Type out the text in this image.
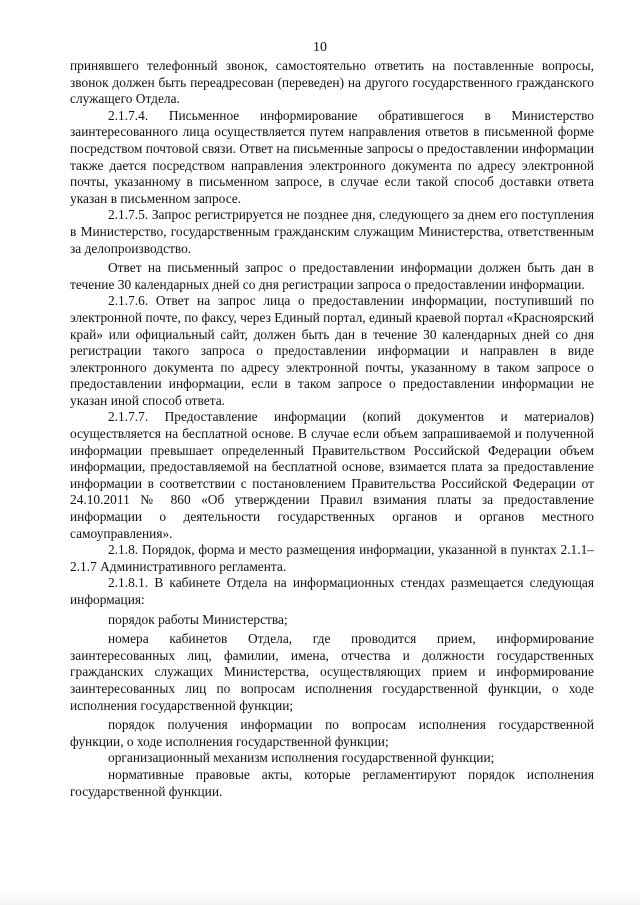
10

принявшего телефонный звонок, самостоятельно ответить на поставленные вопросы, звонок должен быть переадресован (переведен) на другого государственного гражданского служащего Отдела.

2.1.7.4. Письменное информирование обратившегося в Министерство заинтересованного лица осуществляется путем направления ответов в письменной форме посредством почтовой связи. Ответ на письменные запросы о предоставлении информации также дается посредством направления электронного документа по адресу электронной почты, указанному в письменном запросе, в случае если такой способ доставки ответа указан в письменном запросе.

2.1.7.5. Запрос регистрируется не позднее дня, следующего за днем его поступления в Министерство, государственным гражданским служащим Министерства, ответственным за делопроизводство.

Ответ на письменный запрос о предоставлении информации должен быть дан в течение 30 календарных дней со дня регистрации запроса о предоставлении информации.

2.1.7.6. Ответ на запрос лица о предоставлении информации, поступивший по электронной почте, по факсу, через Единый портал, единый краевой портал «Красноярский край» или официальный сайт, должен быть дан в течение 30 календарных дней со дня регистрации такого запроса о предоставлении информации и направлен в виде электронного документа по адресу электронной почты, указанному в таком запросе о предоставлении информации, если в таком запросе о предоставлении информации не указан иной способ ответа.

2.1.7.7. Предоставление информации (копий документов и материалов) осуществляется на бесплатной основе. В случае если объем запрашиваемой и полученной информации превышает определенный Правительством Российской Федерации объем информации, предоставляемой на бесплатной основе, взимается плата за предоставление информации в соответствии с постановлением Правительства Российской Федерации от 24.10.2011 № 860 «Об утверждении Правил взимания платы за предоставление информации о деятельности государственных органов и органов местного самоуправления».

2.1.8. Порядок, форма и место размещения информации, указанной в пунктах 2.1.1–2.1.7 Административного регламента.

2.1.8.1. В кабинете Отдела на информационных стендах размещается следующая информация:

порядок работы Министерства;

номера кабинетов Отдела, где проводится прием, информирование заинтересованных лиц, фамилии, имена, отчества и должности государственных гражданских служащих Министерства, осуществляющих прием и информирование заинтересованных лиц по вопросам исполнения государственной функции, о ходе исполнения государственной функции;

порядок получения информации по вопросам исполнения государственной функции, о ходе исполнения государственной функции;

организационный механизм исполнения государственной функции;

нормативные правовые акты, которые регламентируют порядок исполнения государственной функции.
